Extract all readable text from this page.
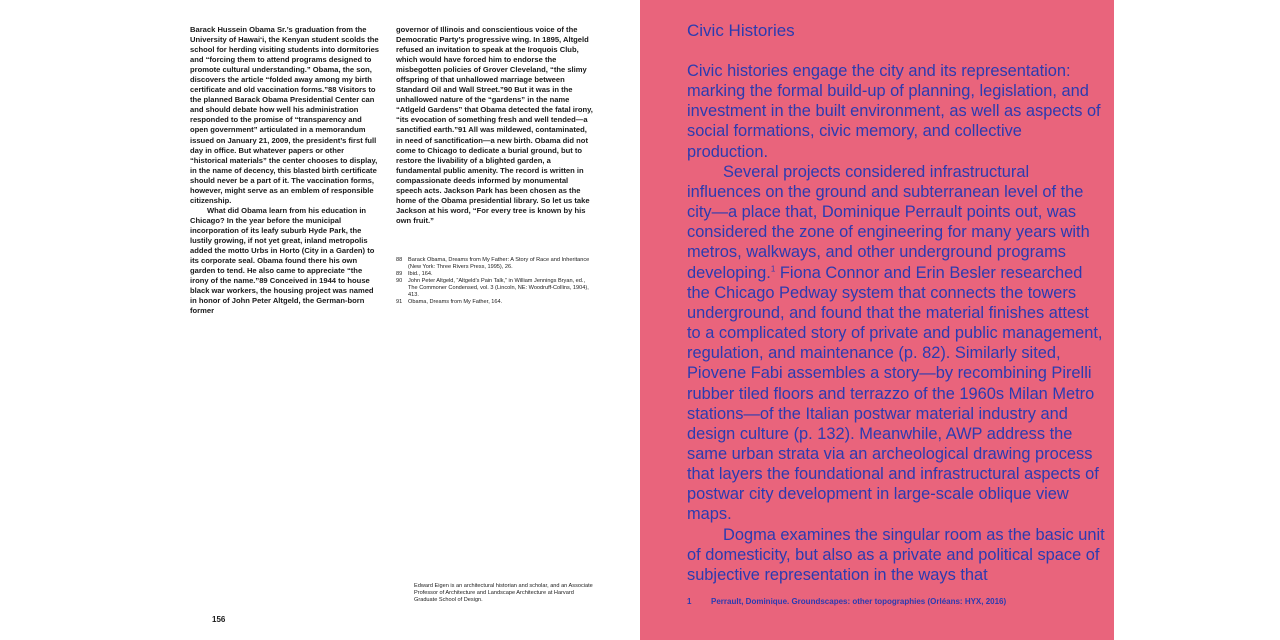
Barack Hussein Obama Sr.’s graduation from the University of Hawai‘i, the Kenyan student scolds the school for herding visiting students into dormitories and “forcing them to attend programs designed to promote cultural understanding.” Obama, the son, discovers the article “folded away among my birth certificate and old vaccination forms.”88 Visitors to the planned Barack Obama Presidential Center can and should debate how well his administration responded to the promise of “transparency and open government” articulated in a memorandum issued on January 21, 2009, the president’s first full day in office. But whatever papers or other “historical materials” the center chooses to display, in the name of decency, this blasted birth certificate should never be a part of it. The vaccination forms, however, might serve as an emblem of responsible citizenship.

What did Obama learn from his education in Chicago? In the year before the municipal incorporation of its leafy suburb Hyde Park, the lustily growing, if not yet great, inland metropolis added the motto Urbs in Horto (City in a Garden) to its corporate seal. Obama found there his own garden to tend. He also came to appreciate “the irony of the name.”89 Conceived in 1944 to house black war workers, the housing project was named in honor of John Peter Altgeld, the German-born former

governor of Illinois and conscientious voice of the Democratic Party’s progressive wing. In 1895, Altgeld refused an invitation to speak at the Iroquois Club, which would have forced him to endorse the misbegotten policies of Grover Cleveland, “the slimy offspring of that unhallowed marriage between Standard Oil and Wall Street.”90 But it was in the unhallowed nature of the “gardens” in the name “Atlgeld Gardens” that Obama detected the fatal irony, “its evocation of something fresh and well tended—a sanctified earth.”91 All was mildewed, contaminated, in need of sanctification—a new birth. Obama did not come to Chicago to dedicate a burial ground, but to restore the livability of a blighted garden, a fundamental public amenity. The record is written in compassionate deeds informed by monumental speech acts. Jackson Park has been chosen as the home of the Obama presidential library. So let us take Jackson at his word, “For every tree is known by his own fruit.”

88	Barack Obama, Dreams from My Father: A Story of Race and Inheritance (New York: Three Rivers Press, 1995), 26.
89	Ibid., 164.
90	John Peter Altgeld, “Altgeld’s Pain Talk,” in William Jennings Bryan, ed., The Commoner Condensed, vol. 3 (Lincoln, NE: Woodruff-Collins, 1904), 413.
91	Obama, Dreams from My Father, 164.
Edward Eigen is an architectural historian and scholar, and an Associate Professor of Architecture and Landscape Architecture at Harvard Graduate School of Design.
156
Civic Histories

Civic histories engage the city and its representation: marking the formal build-up of planning, legislation, and investment in the built environment, as well as aspects of social formations, civic memory, and collective production.

Several projects considered infrastructural influences on the ground and subterranean level of the city—a place that, Dominique Perrault points out, was considered the zone of engineering for many years with metros, walkways, and other underground programs developing.$^1$ Fiona Connor and Erin Besler researched the Chicago Pedway system that connects the towers underground, and found that the material finishes attest to a complicated story of private and public management, regulation, and maintenance (p. 82). Similarly sited, Piovene Fabi assembles a story—by recombining Pirelli rubber tiled floors and terrazzo of the 1960s Milan Metro stations—of the Italian postwar material industry and design culture (p. 132). Meanwhile, AWP address the same urban strata via an archeological drawing process that layers the foundational and infrastructural aspects of postwar city development in large-scale oblique view maps.

Dogma examines the singular room as the basic unit of domesticity, but also as a private and political space of subjective representation in the ways that

1	Perrault, Dominique. Groundscapes: other topographies (Orléans: HYX, 2016)
